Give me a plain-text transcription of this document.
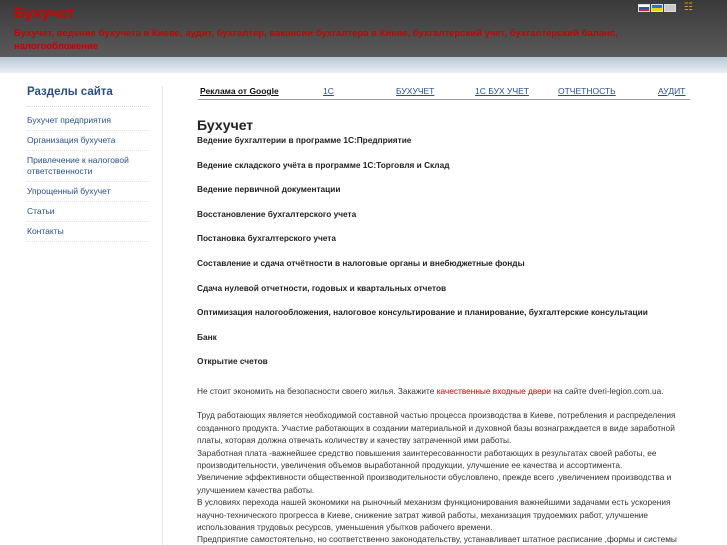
Бухучет
Бухучет, ведение бухучета в Киеве, аудит, бухгалтер, вакансии бухгалтера в Киеве, бухгалтерский учет, бухгалтерский баланс, налогообложение
☷
Разделы сайта
Бухучет предприятия
Организация бухучета
Привлечение к налоговой ответственности
Упрощенный бухучет
Статьи
Контакты
Реклама от Google	1С	БУХУЧЕТ	1С БУХ УЧЕТ	ОТЧЕТНОСТЬ	АУДИТ
Бухучет
Ведение бухгалтерии в программе 1С:Предприятие
Ведение складского учёта в программе 1С:Торговля и Склад
Ведение первичной документации
Восстановление бухгалтерского учета
Постановка бухгалтерского учета
Составление и сдача отчётности в налоговые органы и внебюджетные фонды
Сдача нулевой отчетности, годовых и квартальных отчетов
Оптимизация налогообложения, налоговое консультирование и планирование, бухгалтерские консультации
Банк
Открытие счетов

Не стоит экономить на безопасности своего жилья. Закажите качественные входные двери на сайте dveri-legion.com.ua.

Труд работающих является необходимой составной частью процесса производства в Киеве, потребления и распределения созданного продукта. Участие работающих в создании материальной и духовной базы вознаграждается в виде заработной платы, которая должна отвечать количеству и качеству затраченной ими работы.

Заработная плата -важнейшее средство повышения заинтересованности работающих в результатах своей работы, ее производительности, увеличения объемов выработанной продукции, улучшение ее качества и ассортимента.

Увеличение эффективности общественной производительности обусловлено, прежде всего ,увеличением производства и улучшением качества работы.

В условиях перехода нашей экономики на рыночный механизм функционирования важнейшими задачами есть ускорения научно-технического прогресса в Киеве, снижение затрат живой работы, механизация трудоемких работ, улучшение использования трудовых ресурсов, уменьшения убытков рабочего времени.

Предприятие самостоятельно, но соответственно законодательству, устанавливает штатное расписание ,формы и системы
